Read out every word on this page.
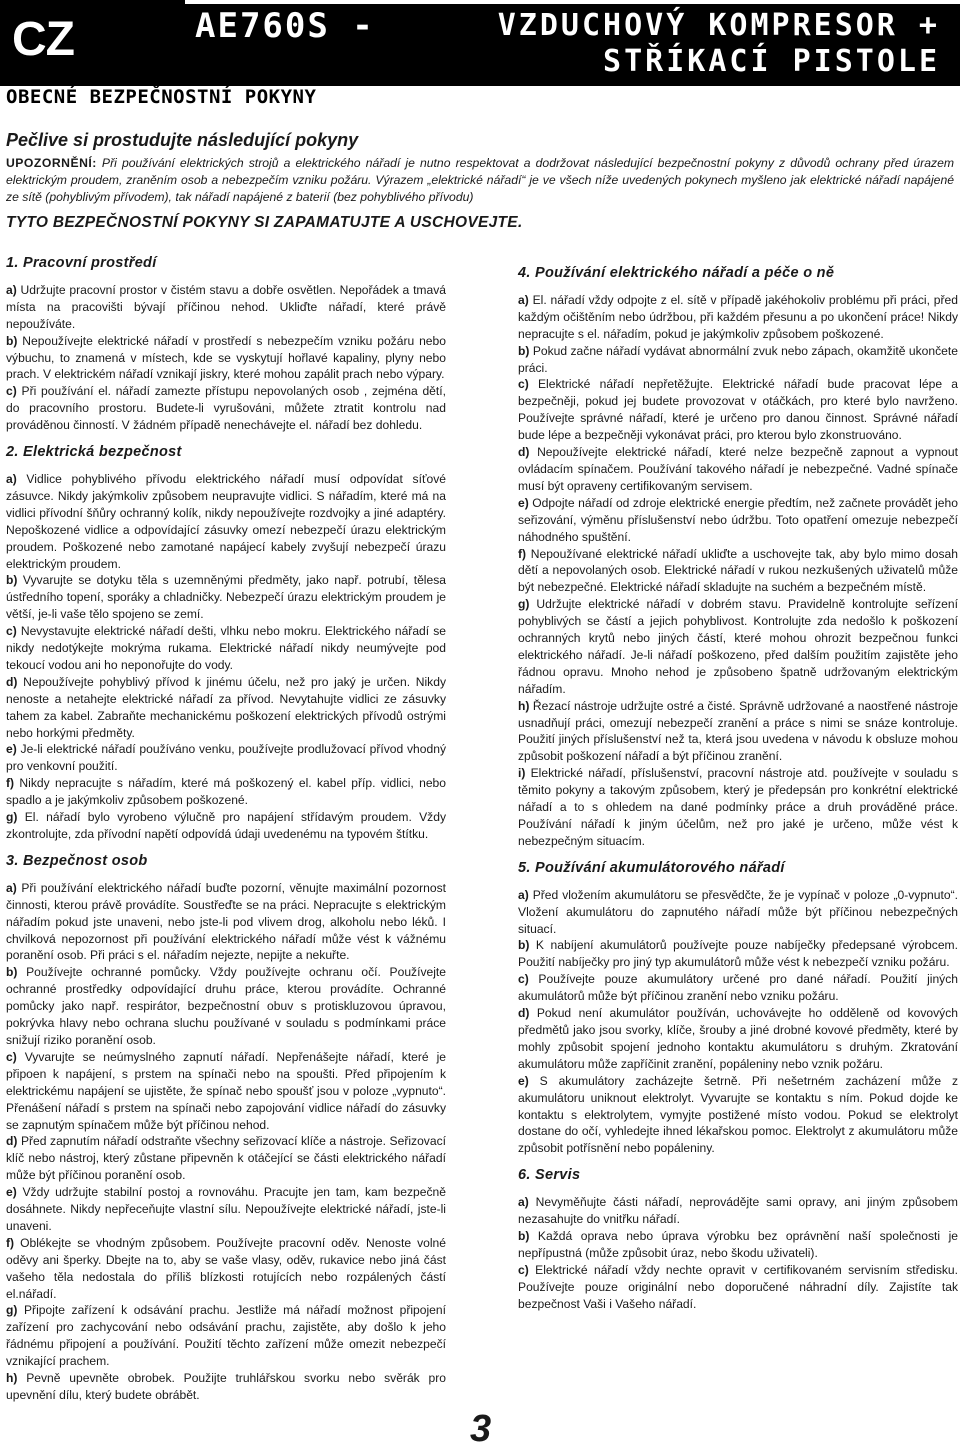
CZ	AE760S -	VZDUCHOVÝ KOMPRESOR +
STŘÍKACÍ PISTOLE
OBECNÉ BEZPEČNOSTNÍ POKYNY
Pečlive si prostudujte následující pokyny

UPOZORNĚNÍ: Při používání elektrických strojů a elektrického nářadí je nutno respektovat a dodržovat následující bezpečnostní pokyny z důvodů ochrany před úrazem elektrickým proudem, zraněním osob a nebezpečím vzniku požáru. Výrazem „elektrické nářadí“ je ve všech níže uvedených pokynech myšleno jak elektrické nářadí napájené ze sítě (pohyblivým přívodem), tak nářadí napájené z baterií (bez pohyblivého přívodu)

TYTO BEZPEČNOSTNÍ POKYNY SI ZAPAMATUJTE A USCHOVEJTE.

1. Pracovní prostředí

a) Udržujte pracovní prostor v čistém stavu a dobře osvětlen. Nepořádek a tmavá místa na pracovišti bývají příčinou nehod. Ukliďte nářadí, které právě nepoužíváte.

b) Nepoužívejte elektrické nářadí v prostředí s nebezpečím vzniku požáru nebo výbuchu, to znamená v místech, kde se vyskytují hořlavé kapaliny, plyny nebo prach. V elektrickém nářadí vznikají jiskry, které mohou zapálit prach nebo výpary.

c) Při používání el. nářadí zamezte přístupu nepovolaných osob , zejména dětí, do pracovního prostoru. Budete-li vyrušováni, můžete ztratit kontrolu nad prováděnou činností. V žádném případě nenechávejte el. nářadí bez dohledu.

2. Elektrická bezpečnost

a) Vidlice pohyblivého přívodu elektrického nářadí musí odpovídat síťové zásuvce. Nikdy jakýmkoliv způsobem neupravujte vidlici. S nářadím, které má na vidlici přívodní šňůry ochranný kolík, nikdy nepoužívejte rozdvojky a jiné adaptéry. Nepoškozené vidlice a odpovídající zásuvky omezí nebezpečí úrazu elektrickým proudem. Poškozené nebo zamotané napájecí kabely zvyšují nebezpečí úrazu elektrickým proudem.

b) Vyvarujte se dotyku těla s uzemněnými předměty, jako např. potrubí, tělesa ústředního topení, sporáky a chladničky. Nebezpečí úrazu elektrickým proudem je větší, je-li vaše tělo spojeno se zemí.

c) Nevystavujte elektrické nářadí dešti, vlhku nebo mokru. Elektrického nářadí se nikdy nedotýkejte mokrýma rukama. Elektrické nářadí nikdy neumývejte pod tekoucí vodou ani ho neponořujte do vody.

d) Nepoužívejte pohyblivý přívod k jinému účelu, než pro jaký je určen. Nikdy nenoste a netahejte elektrické nářadí za přívod. Nevytahujte vidlici ze zásuvky tahem za kabel. Zabraňte mechanickému poškození elektrických přívodů ostrými nebo horkými předměty.

e) Je-li elektrické nářadí používáno venku, používejte prodlužovací přívod vhodný pro venkovní použití.

f) Nikdy nepracujte s nářadím, které má poškozený el. kabel příp. vidlici, nebo spadlo a je jakýmkoliv způsobem poškozené.

g) El. nářadí bylo vyrobeno výlučně pro napájení střídavým proudem. Vždy zkontrolujte, zda přívodní napětí odpovídá údaji uvedenému na typovém štítku.

3. Bezpečnost osob

a) Při používání elektrického nářadí buďte pozorní, věnujte maximální pozornost činnosti, kterou právě provádíte. Soustřeďte se na práci. Nepracujte s elektrickým nářadím pokud jste unaveni, nebo jste-li pod vlivem drog, alkoholu nebo léků. I chvilková nepozornost při používání elektrického nářadí může vést k vážnému poranění osob. Při práci s el. nářadím nejezte, nepijte a nekuřte.

b) Používejte ochranné pomůcky. Vždy používejte ochranu očí. Používejte ochranné prostředky odpovídající druhu práce, kterou provádíte. Ochranné pomůcky jako např. respirátor, bezpečnostní obuv s protiskluzovou úpravou, pokrývka hlavy nebo ochrana sluchu používané v souladu s podmínkami práce snižují riziko poranění osob.

c) Vyvarujte se neúmyslného zapnutí nářadí. Nepřenášejte nářadí, které je připoen k napájení, s prstem na spínači nebo na spoušti. Před připojením k elektrickému napájení se ujistěte, že spínač nebo spoušť jsou v poloze „vypnuto“. Přenášení nářadí s prstem na spínači nebo zapojování vidlice nářadí do zásuvky se zapnutým spínačem může být příčinou nehod.

d) Před zapnutím nářadí odstraňte všechny seřizovací klíče a nástroje. Seřizovací klíč nebo nástroj, který zůstane připevněn k otáčející se části elektrického nářadí může být příčinou poranění osob.

e) Vždy udržujte stabilní postoj a rovnováhu. Pracujte jen tam, kam bezpečně dosáhnete. Nikdy nepřeceňujte vlastní sílu. Nepoužívejte elektrické nářadí, jste-li unaveni.

f) Oblékejte se vhodným způsobem. Používejte pracovní oděv. Nenoste volné oděvy ani šperky. Dbejte na to, aby se vaše vlasy, oděv, rukavice nebo jiná část vašeho těla nedostala do příliš blízkosti rotujících nebo rozpálených částí el.nářadí.

g) Připojte zařízení k odsávání prachu. Jestliže má nářadí možnost připojení zařízení pro zachycování nebo odsávání prachu, zajistěte, aby došlo k jeho řádnému připojení a používání. Použití těchto zařízení může omezit nebezpečí vznikající prachem.

h) Pevně upevněte obrobek. Použijte truhlářskou svorku nebo svěrák pro upevnění dílu, který budete obrábět.

4. Používání elektrického nářadí a péče o ně

a) El. nářadí vždy odpojte z el. sítě v případě jakéhokoliv problému při práci, před každým očištěním nebo údržbou, při každém přesunu a po ukončení práce! Nikdy nepracujte s el. nářadím, pokud je jakýmkoliv způsobem poškozené.

b) Pokud začne nářadí vydávat abnormální zvuk nebo zápach, okamžitě ukončete práci.

c) Elektrické nářadí nepřetěžujte. Elektrické nářadí bude pracovat lépe a bezpečněji, pokud jej budete provozovat v otáčkách, pro které bylo navrženo. Používejte správné nářadí, které je určeno pro danou činnost. Správné nářadí bude lépe a bezpečněji vykonávat práci, pro kterou bylo zkonstruováno.

d) Nepoužívejte elektrické nářadí, které nelze bezpečně zapnout a vypnout ovládacím spínačem. Používání takového nářadí je nebezpečné. Vadné spínače musí být opraveny certifikovaným servisem.

e) Odpojte nářadí od zdroje elektrické energie předtím, než začnete provádět jeho seřizování, výměnu příslušenství nebo údržbu. Toto opatření omezuje nebezpečí náhodného spuštění.

f) Nepoužívané elektrické nářadí ukliďte a uschovejte tak, aby bylo mimo dosah dětí a nepovolaných osob. Elektrické nářadí v rukou nezkušených uživatelů může být nebezpečné. Elektrické nářadí skladujte na suchém a bezpečném místě.

g) Udržujte elektrické nářadí v dobrém stavu. Pravidelně kontrolujte seřízení pohyblivých se částí a jejich pohyblivost. Kontrolujte zda nedošlo k poškození ochranných krytů nebo jiných částí, které mohou ohrozit bezpečnou funkci elektrického nářadí. Je-li nářadí poškozeno, před dalším použitím zajistěte jeho řádnou opravu. Mnoho nehod je způsobeno špatně udržovaným elektrickým nářadím.

h) Řezací nástroje udržujte ostré a čisté. Správně udržované a naostřené nástroje usnadňují práci, omezují nebezpečí zranění a práce s nimi se snáze kontroluje. Použití jiných příslušenství než ta, která jsou uvedena v návodu k obsluze mohou způsobit poškození nářadí a být příčinou zranění.

i) Elektrické nářadí, příslušenství, pracovní nástroje atd. používejte v souladu s těmito pokyny a takovým způsobem, který je předepsán pro konkrétní elektrické nářadí a to s ohledem na dané podmínky práce a druh prováděné práce. Používání nářadí k jiným účelům, než pro jaké je určeno, může vést k nebezpečným situacím.

5. Používání akumulátorového nářadí

a) Před vložením akumulátoru se přesvědčte, že je vypínač v poloze „0-vypnuto“. Vložení akumulátoru do zapnutého nářadí může být příčinou nebezpečných situací.

b) K nabíjení akumulátorů používejte pouze nabíječky předepsané výrobcem. Použití nabíječky pro jiný typ akumulátorů může vést k nebezpečí vzniku požáru.

c) Používejte pouze akumulátory určené pro dané nářadí. Použití jiných akumulátorů může být příčinou zranění nebo vzniku požáru.

d) Pokud není akumulátor používán, uchovávejte ho odděleně od kovových předmětů jako jsou svorky, klíče, šrouby a jiné drobné kovové předměty, které by mohly způsobit spojení jednoho kontaktu akumulátoru s druhým. Zkratování akumulátoru může zapříčinit zranění, popáleniny nebo vznik požáru.

e) S akumulátory zacházejte šetrně. Při nešetrném zacházení může z akumulátoru uniknout elektrolyt. Vyvarujte se kontaktu s ním. Pokud dojde ke kontaktu s elektrolytem, vymyjte postižené místo vodou. Pokud se elektrolyt dostane do očí, vyhledejte ihned lékařskou pomoc. Elektrolyt z akumulátoru může způsobit potřísnění nebo popáleniny.

6. Servis

a) Nevyměňujte části nářadí, neprovádějte sami opravy, ani jiným způsobem nezasahujte do vnitřku nářadí.

b) Každá oprava nebo úprava výrobku bez oprávnění naší společnosti je nepřípustná (může způsobit úraz, nebo škodu uživateli).

c) Elektrické nářadí vždy nechte opravit v certifikovaném servisním středisku. Používejte pouze originální nebo doporučené náhradní díly. Zajistíte tak bezpečnost Vaši i Vašeho nářadí.

3
